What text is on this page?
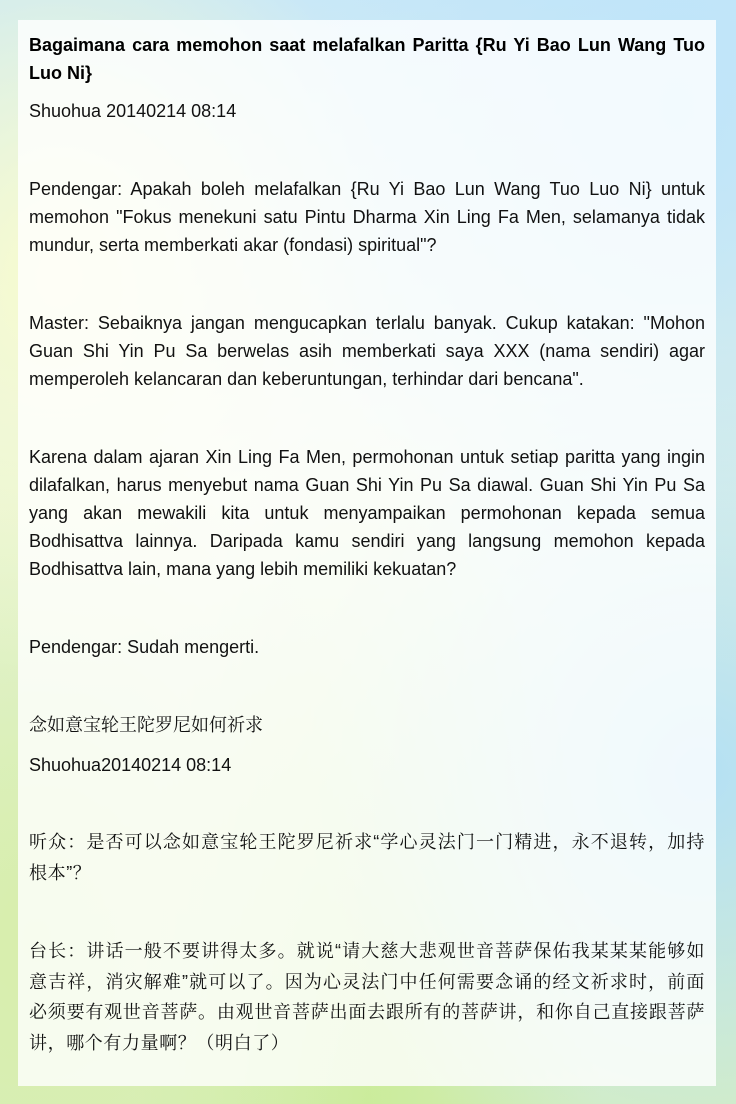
Bagaimana cara memohon saat melafalkan Paritta {Ru Yi Bao Lun Wang Tuo Luo Ni}

Shuohua 20140214 08:14

Pendengar: Apakah boleh melafalkan {Ru Yi Bao Lun Wang Tuo Luo Ni} untuk memohon "Fokus menekuni satu Pintu Dharma Xin Ling Fa Men, selamanya tidak mundur, serta memberkati akar (fondasi) spiritual"?

Master: Sebaiknya jangan mengucapkan terlalu banyak. Cukup katakan: "Mohon Guan Shi Yin Pu Sa berwelas asih memberkati saya XXX (nama sendiri) agar memperoleh kelancaran dan keberuntungan, terhindar dari bencana".

Karena dalam ajaran Xin Ling Fa Men, permohonan untuk setiap paritta yang ingin dilafalkan, harus menyebut nama Guan Shi Yin Pu Sa diawal. Guan Shi Yin Pu Sa yang akan mewakili kita untuk menyampaikan permohonan kepada semua Bodhisattva lainnya. Daripada kamu sendiri yang langsung memohon kepada Bodhisattva lain, mana yang lebih memiliki kekuatan?

Pendengar: Sudah mengerti.

念如意宝轮王陀罗尼如何祈求

Shuohua20140214 08:14

听众：是否可以念如意宝轮王陀罗尼祈求“学心灵法门一门精进，永不退转，加持根本”？

台长：讲话一般不要讲得太多。就说“请大慈大悲观世音菩萨保佑我某某某能够如意吉祥，消灾解难”就可以了。因为心灵法门中任何需要念诵的经文祈求时，前面必须要有观世音菩萨。由观世音菩萨出面去跟所有的菩萨讲，和你自己直接跟菩萨讲，哪个有力量啊？（明白了）
